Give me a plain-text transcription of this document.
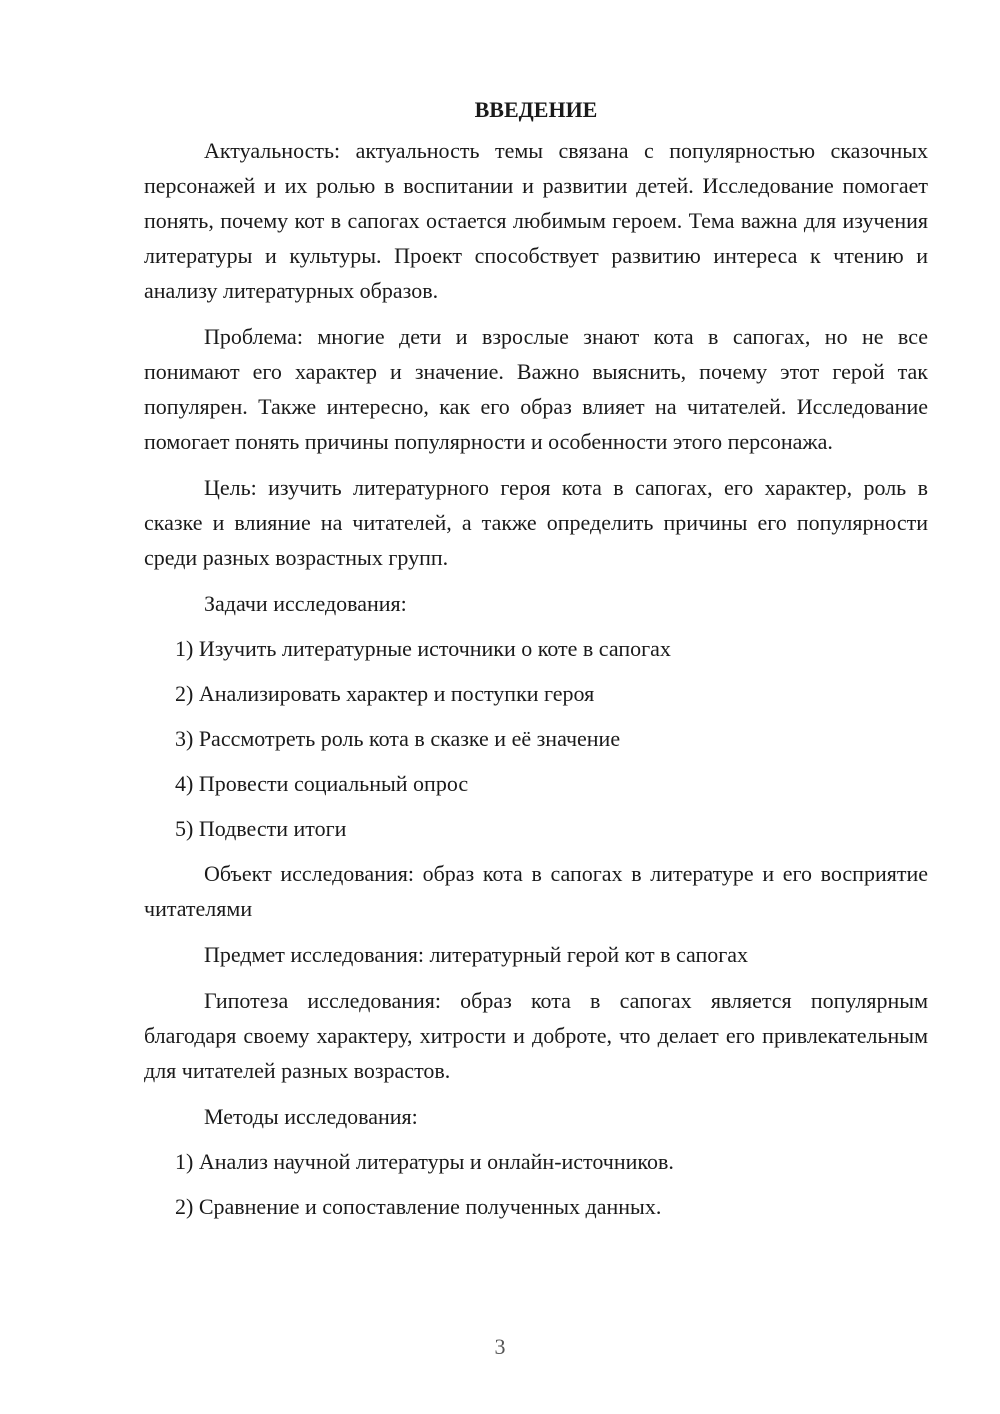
ВВЕДЕНИЕ

Актуальность: актуальность темы связана с популярностью сказочных персонажей и их ролью в воспитании и развитии детей. Исследование помогает понять, почему кот в сапогах остается любимым героем. Тема важна для изучения литературы и культуры. Проект способствует развитию интереса к чтению и анализу литературных образов.

Проблема: многие дети и взрослые знают кота в сапогах, но не все понимают его характер и значение. Важно выяснить, почему этот герой так популярен. Также интересно, как его образ влияет на читателей. Исследование помогает понять причины популярности и особенности этого персонажа.

Цель: изучить литературного героя кота в сапогах, его характер, роль в сказке и влияние на читателей, а также определить причины его популярности среди разных возрастных групп.

Задачи исследования:

1) Изучить литературные источники о коте в сапогах
2) Анализировать характер и поступки героя
3) Рассмотреть роль кота в сказке и её значение
4) Провести социальный опрос
5) Подвести итоги

Объект исследования: образ кота в сапогах в литературе и его восприятие читателями

Предмет исследования: литературный герой кот в сапогах

Гипотеза исследования: образ кота в сапогах является популярным благодаря своему характеру, хитрости и доброте, что делает его привлекательным для читателей разных возрастов.

Методы исследования:

1) Анализ научной литературы и онлайн-источников.
2) Сравнение и сопоставление полученных данных.
3
